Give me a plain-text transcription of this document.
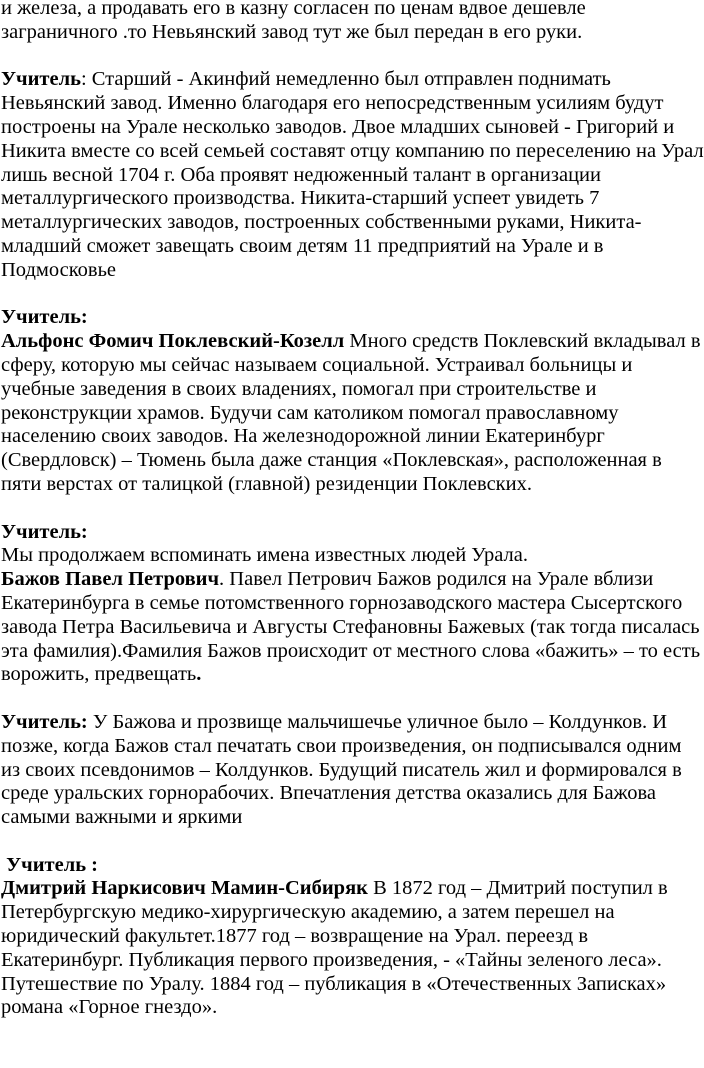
и железа, а продавать его в казну согласен по ценам вдвое дешевле
заграничного .то Невьянский завод тут же был передан в его руки.

Учитель: Старший - Акинфий немедленно был отправлен поднимать Невьянский завод. Именно благодаря его непосредственным усилиям будут построены на Урале несколько заводов. Двое младших сыновей - Григорий и Никита вместе со всей семьей составят отцу компанию по переселению на Урал лишь весной 1704 г. Оба проявят недюженный талант в организации металлургического производства. Никита-старший успеет увидеть 7 металлургических заводов, построенных собственными руками, Никита-младший сможет завещать своим детям 11 предприятий на Урале и в Подмосковье

Учитель:
Альфонс Фомич Поклевский-Козелл Много средств Поклевский вкладывал в сферу, которую мы сейчас называем социальной. Устраивал больницы и учебные заведения в своих владениях, помогал при строительстве и реконструкции храмов. Будучи сам католиком помогал православному населению своих заводов. На железнодорожной линии Екатеринбург (Свердловск) – Тюмень была даже станция «Поклевская», расположенная в пяти верстах от талицкой (главной) резиденции Поклевских.

Учитель:
Мы продолжаем вспоминать имена известных людей Урала.
Бажов Павел Петрович. Павел Петрович Бажов родился на Урале вблизи Екатеринбурга в семье потомственного горнозаводского мастера Сысертского завода Петра Васильевича и Августы Стефановны Бажевых (так тогда писалась эта фамилия).Фамилия Бажов происходит от местного слова «бажить» – то есть ворожить, предвещать.

Учитель: У Бажова и прозвище мальчишечье уличное было – Колдунков. И позже, когда Бажов стал печатать свои произведения, он подписывался одним из своих псевдонимов – Колдунков. Будущий писатель жил и формировался в среде уральских горнорабочих. Впечатления детства оказались для Бажова самыми важными и яркими

Учитель :
Дмитрий Наркисович Мамин-Сибиряк В 1872 год – Дмитрий поступил в Петербургскую медико-хирургическую академию, а затем перешел на юридический факультет.1877 год – возвращение на Урал. переезд в Екатеринбург. Публикация первого произведения, - «Тайны зеленого леса». Путешествие по Уралу. 1884 год – публикация в «Отечественных Записках» романа «Горное гнездо».
